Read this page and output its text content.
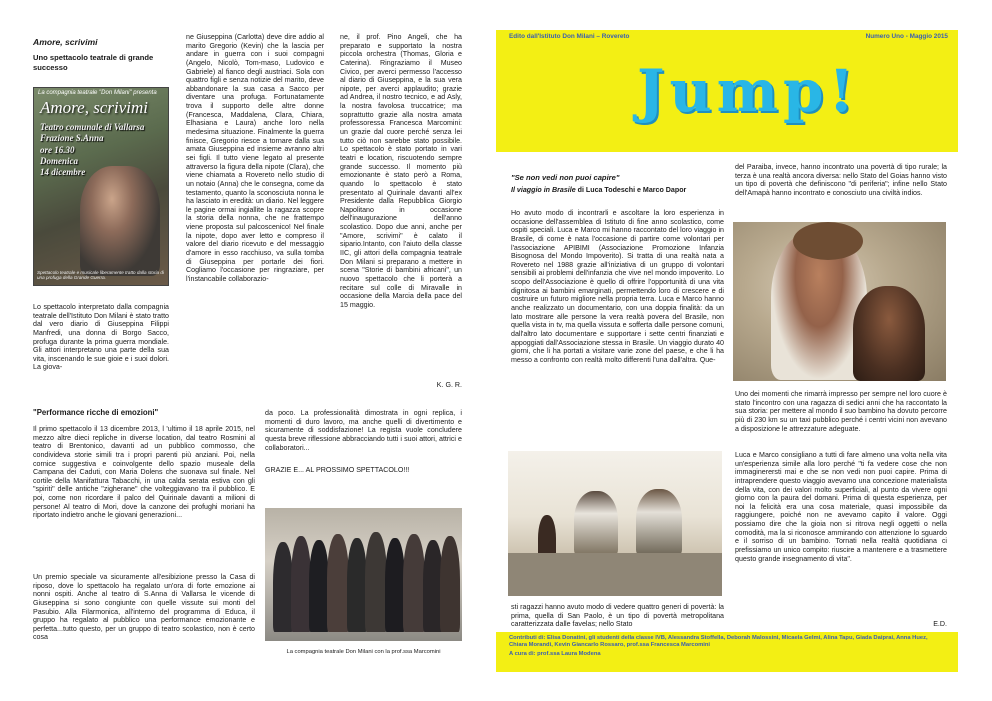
Amore, scrivimi
Uno spettacolo teatrale di grande successo
La compagnia teatrale "Don Milani" presenta
Amore, scrivimi
Teatro comunale di Vallarsa
Frazione S.Anna
ore 16.30
Domenica
14 dicembre
Spettacolo teatrale e musicale liberamente tratto dalla storia di una profuga della Grande Guerra.
Lo spettacolo interpretato dalla compagnia teatrale dell'Istituto Don Milani è stato tratto dal vero diario di Giuseppina Filippi Manfredi, una donna di Borgo Sacco, profuga durante la prima guerra mondiale. Gli attori interpretano una parte della sua vita, inscenando le sue gioie e i suoi dolori. La giova-
ne Giuseppina (Carlotta) deve dire addio al marito Gregorio (Kevin) che la lascia per andare in guerra con i suoi compagni (Angelo, Nicolò, Tom-maso, Ludovico e Gabriele) al fianco degli austriaci. Sola con quattro figli e senza notizie del marito, deve abbandonare la sua casa a Sacco per diventare una profuga. Fortunatamente trova il supporto delle altre donne (Francesca, Maddalena, Clara, Chiara, Elhasiana e Laura) anche loro nella medesima situazione. Finalmente la guerra finisce, Gregorio riesce a tornare dalla sua amata Giuseppina ed insieme avranno altri sei figli. Il tutto viene legato al presente attraverso la figura della nipote (Clara), che viene chiamata a Rovereto nello studio di un notaio (Anna) che le consegna, come da testamento, quanto la sconosciuta nonna le ha lasciato in eredità: un diario. Nel leggere le pagine ormai ingiallite la ragazza scopre la storia della nonna, che ne frattempo viene proposta sul palcoscenico! Nel finale la nipote, dopo aver letto e compreso il valore del diario ricevuto e del messaggio d'amore in esso racchiuso, va sulla tomba di Giuseppina per portarle dei fiori. Cogliamo l'occasione per ringraziare, per l'instancabile collaborazio-
ne, il prof. Pino Angeli, che ha preparato e supportato la nostra piccola orchestra (Thomas, Gloria e Caterina). Ringraziamo il Museo Civico, per averci permesso l'accesso al diario di Giuseppina, e la sua vera nipote, per averci applaudito; grazie ad Andrea, il nostro tecnico, e ad Asly, la nostra favolosa truccatrice; ma soprattutto grazie alla nostra amata professoressa Francesca Marcomini: un grazie dal cuore perché senza lei tutto ciò non sarebbe stato possibile. Lo spettacolo è stato portato in vari teatri e location, riscuotendo sempre grande successo. Il momento più emozionante è stato però a Roma, quando lo spettacolo è stato presentato al Quirinale davanti all'ex Presidente dalla Repubblica Giorgio Napolitano in occasione dell'inaugurazione dell'anno scolastico. Dopo due anni, anche per "Amore, scrivimi" è calato il sipario.Intanto, con l'aiuto della classe IIC, gli attori della compagnia teatrale Don Milani si preparano a mettere in scena "Storie di bambini africani", un nuovo spettacolo che li porterà a recitare sul colle di Miravalle in occasione della Marcia della pace del 15 maggio.
K. G. R.
"Performance ricche di emozioni"
Il primo spettacolo il 13 dicembre 2013, l 'ultimo il 18 aprile 2015, nel mezzo altre dieci repliche in diverse location, dal teatro Rosmini al teatro di Brentonico, davanti ad un pubblico commosso, che condivideva storie simili tra i propri parenti più anziani. Poi, nella cornice suggestiva e coinvolgente dello spazio museale della Campana dei Caduti, con Maria Dolens che suonava sul finale. Nel cortile della Manifattura Tabacchi, in una calda serata estiva con gli "spiriti" delle antiche "zigherane" che volteggiavano tra il pubblico. E poi, come non ricordare il palco del Quirinale davanti a milioni di persone! Al teatro di Mori, dove la canzone dei profughi moriani ha riportato indietro anche le giovani generazioni...
Un premio speciale va sicuramente all'esibizione presso la Casa di riposo, dove lo spettacolo ha regalato un'ora di forte emozione ai nonni ospiti. Anche al teatro di S.Anna di Vallarsa le vicende di Giuseppina si sono congiunte con quelle vissute sui monti del Pasubio. Alla Filarmonica, all'interno del programma di Educa, il gruppo ha regalato al pubblico una performance emozionante e perfetta...tutto questo, per un gruppo di teatro scolastico, non è certo cosa
da poco. La professionalità dimostrata in ogni replica, i momenti di duro lavoro, ma anche quelli di divertimento e sicuramente di soddisfazione! La regista vuole concludere questa breve riflessione abbracciando tutti i suoi attori, attrici e collaboratori...
GRAZIE E... AL PROSSIMO SPETTACOLO!!!
La compagnia teatrale Don Milani con la prof.ssa Marcomini
Edito dall'Istituto Don Milani – Rovereto	Numero Uno - Maggio 2015
Jump!
"Se non vedi non puoi capire"
Il viaggio in Brasile di Luca Todeschi e Marco Dapor
Ho avuto modo di incontrarli e ascoltare la loro esperienza in occasione dell'assemblea di Istituto di fine anno scolastico, come ospiti speciali. Luca e Marco mi hanno raccontato del loro viaggio in Brasile, di come è nata l'occasione di partire come volontari per l'associazione APIBIMI (Associazione Promozione Infanzia Bisognosa del Mondo Impoverito). Si tratta di una realtà nata a Rovereto nel 1988 grazie all'iniziativa di un gruppo di volontari sensibili ai problemi dell'infanzia che vive nel mondo impoverito. Lo scopo dell'Associazione è quello di offrire l'opportunità di una vita dignitosa ai bambini emarginati, permettendo loro di crescere e di costruire un futuro migliore nella propria terra. Luca e Marco hanno anche realizzato un documentario, con una doppia finalità: da un lato mostrare alle persone la vera realtà povera del Brasile, non quella vista in tv, ma quella vissuta e sofferta dalle persone comuni, dall'altro lato documentare e supportare i sette centri finanziati e appoggiati dall'Associazione stessa in Brasile. Un viaggio durato 40 giorni, che li ha portati a visitare varie zone del paese, e che li ha messo a confronto con realtà molto differenti l'una dall'altra. Que-
sti ragazzi hanno avuto modo di vedere quattro generi di povertà: la prima, quella di San Paolo, è un tipo di povertà metropolitana caratterizzata dalle favelas; nello Stato
del Paraiba, invece, hanno incontrato una povertà di tipo rurale; la terza è una realtà ancora diversa: nello Stato del Goias hanno visto un tipo di povertà che definiscono "di periferia"; infine nello Stato dell'Amapà hanno incontrato e conosciuto una civiltà indios.
Uno dei momenti che rimarrà impresso per sempre nel loro cuore è stato l'incontro con una ragazza di sedici anni che ha raccontato la sua storia: per mettere al mondo il suo bambino ha dovuto percorre più di 230 km su un taxi pubblico perché i centri vicini non avevano a disposizione le attrezzature adeguate.
Luca e Marco consigliano a tutti di fare almeno una volta nella vita un'esperienza simile alla loro perché "ti fa vedere cose che non immaginerersti mai e che se non vedi non puoi capire. Prima di intraprendere questo viaggio avevamo una concezione materialista della vita, con dei valori molto superficiali, al punto da vivere ogni giorno con la paura del domani. Prima di questa esperienza, per noi la felicità era una cosa materiale, quasi impossibile da raggiungere, poiché non ne avevamo capito il valore. Oggi possiamo dire che la gioia non si ritrova negli oggetti o nella comodità, ma la si riconosce ammirando con attenzione lo sguardo e il sorriso di un bambino. Tornati nella realtà quotidiana ci prefissiamo un unico compito: riuscire a mantenere e a trasmettere questo grande insegnamento di vita".
E.D.
Contributi di: Elisa Donatini, gli studenti della classe IVB, Alessandra Stoffella, Deborah Malossini, Micaela Gelmi, Alina Tapu, Giada Daiprai, Anna Huez, Chiara Morandi, Kevin Giancarlo Rossaro, prof.ssa Francesca Marcomini
A cura di: prof.ssa Laura Modena
